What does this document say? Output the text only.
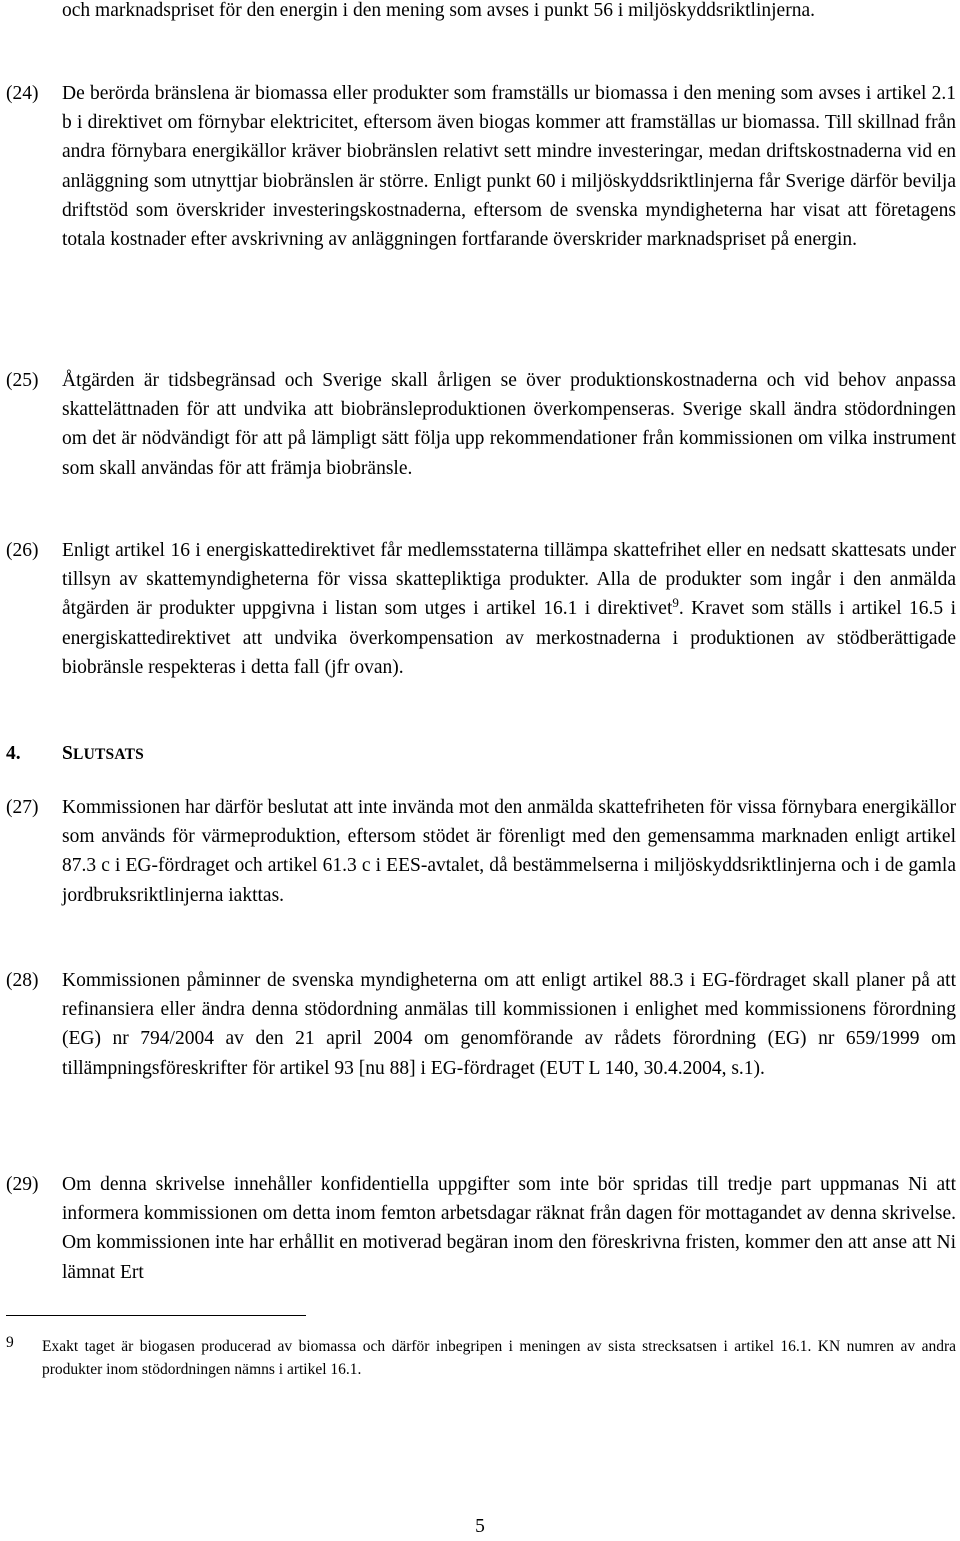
och marknadspriset för den energin i den mening som avses i punkt 56 i miljöskyddsriktlinjerna.

(24) De berörda bränslena är biomassa eller produkter som framställs ur biomassa i den mening som avses i artikel 2.1 b i direktivet om förnybar elektricitet, eftersom även biogas kommer att framställas ur biomassa. Till skillnad från andra förnybara energikällor kräver biobränslen relativt sett mindre investeringar, medan driftskostnaderna vid en anläggning som utnyttjar biobränslen är större. Enligt punkt 60 i miljöskyddsriktlinjerna får Sverige därför bevilja driftstöd som överskrider investeringskostnaderna, eftersom de svenska myndigheterna har visat att företagens totala kostnader efter avskrivning av anläggningen fortfarande överskrider marknadspriset på energin.

(25) Åtgärden är tidsbegränsad och Sverige skall årligen se över produktionskostnaderna och vid behov anpassa skattelättnaden för att undvika att biobränsleproduktionen överkompenseras. Sverige skall ändra stödordningen om det är nödvändigt för att på lämpligt sätt följa upp rekommendationer från kommissionen om vilka instrument som skall användas för att främja biobränsle.

(26) Enligt artikel 16 i energiskattedirektivet får medlemsstaterna tillämpa skattefrihet eller en nedsatt skattesats under tillsyn av skattemyndigheterna för vissa skattepliktiga produkter. Alla de produkter som ingår i den anmälda åtgärden är produkter uppgivna i listan som utges i artikel 16.1 i direktivet$^9$. Kravet som ställs i artikel 16.5 i energiskattedirektivet att undvika överkompensation av merkostnaderna i produktionen av stödberättigade biobränsle respekteras i detta fall (jfr ovan).

4. SLUTSATS
(27) Kommissionen har därför beslutat att inte invända mot den anmälda skattefriheten för vissa förnybara energikällor som används för värmeproduktion, eftersom stödet är förenligt med den gemensamma marknaden enligt artikel 87.3 c i EG-fördraget och artikel 61.3 c i EES-avtalet, då bestämmelserna i miljöskyddsriktlinjerna och i de gamla jordbruksriktlinjerna iakttas.

(28) Kommissionen påminner de svenska myndigheterna om att enligt artikel 88.3 i EG-fördraget skall planer på att refinansiera eller ändra denna stödordning anmälas till kommissionen i enlighet med kommissionens förordning (EG) nr 794/2004 av den 21 april 2004 om genomförande av rådets förordning (EG) nr 659/1999 om tillämpningsföreskrifter för artikel 93 [nu 88] i EG-fördraget (EUT L 140, 30.4.2004, s.1).

(29) Om denna skrivelse innehåller konfidentiella uppgifter som inte bör spridas till tredje part uppmanas Ni att informera kommissionen om detta inom femton arbetsdagar räknat från dagen för mottagandet av denna skrivelse. Om kommissionen inte har erhållit en motiverad begäran inom den föreskrivna fristen, kommer den att anse att Ni lämnat Ert

9 Exakt taget är biogasen producerad av biomassa och därför inbegripen i meningen av sista strecksatsen i artikel 16.1. KN numren av andra produkter inom stödordningen nämns i artikel 16.1.

5
